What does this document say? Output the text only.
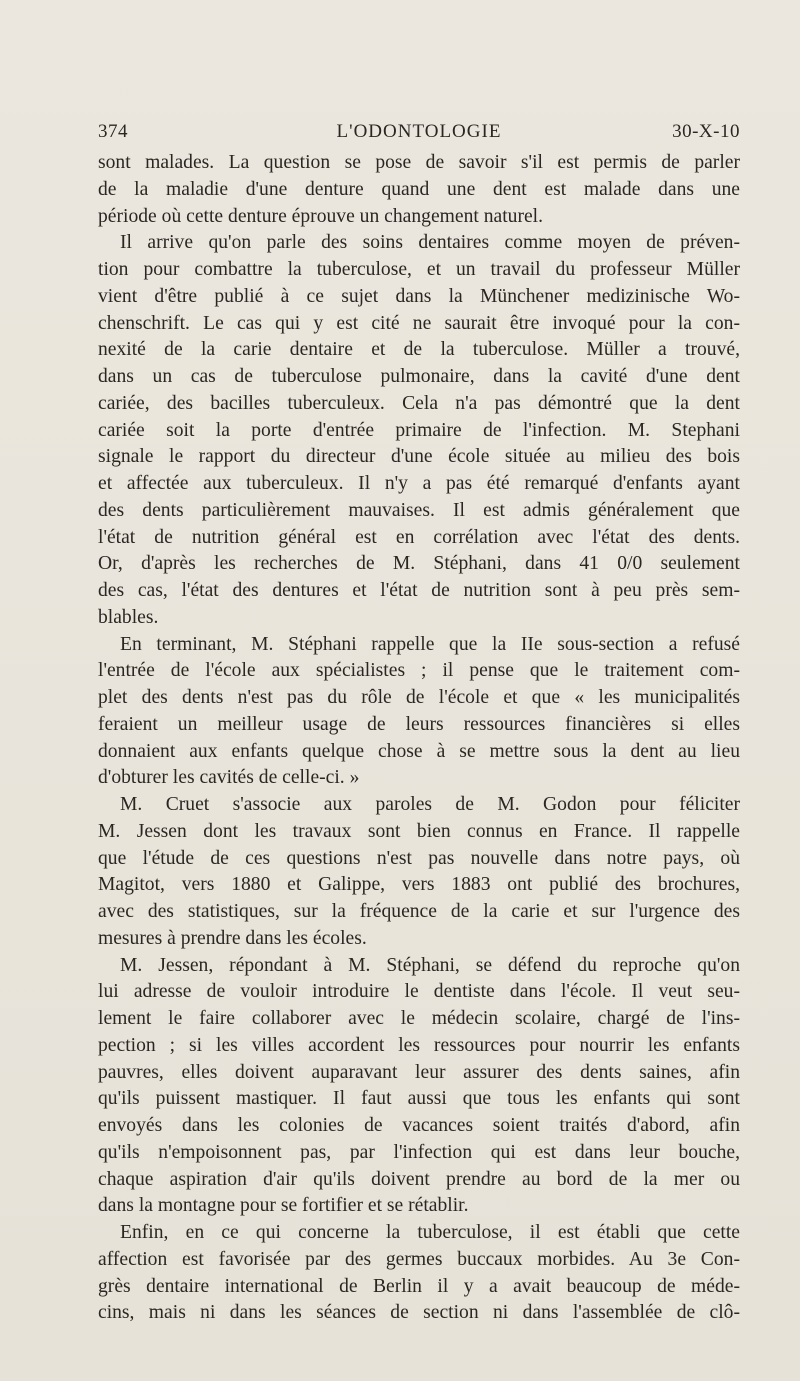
374	L'ODONTOLOGIE	30-X-10
sont malades. La question se pose de savoir s'il est permis de parler
de la maladie d'une denture quand une dent est malade dans une
période où cette denture éprouve un changement naturel.
Il arrive qu'on parle des soins dentaires comme moyen de préven-
tion pour combattre la tuberculose, et un travail du professeur Müller
vient d'être publié à ce sujet dans la Münchener medizinische Wo-
chenschrift. Le cas qui y est cité ne saurait être invoqué pour la con-
nexité de la carie dentaire et de la tuberculose. Müller a trouvé,
dans un cas de tuberculose pulmonaire, dans la cavité d'une dent
cariée, des bacilles tuberculeux. Cela n'a pas démontré que la dent
cariée soit la porte d'entrée primaire de l'infection. M. Stephani
signale le rapport du directeur d'une école située au milieu des bois
et affectée aux tuberculeux. Il n'y a pas été remarqué d'enfants ayant
des dents particulièrement mauvaises. Il est admis généralement que
l'état de nutrition général est en corrélation avec l'état des dents.
Or, d'après les recherches de M. Stéphani, dans 41 0/0 seulement
des cas, l'état des dentures et l'état de nutrition sont à peu près sem-
blables.
En terminant, M. Stéphani rappelle que la IIe sous-section a refusé
l'entrée de l'école aux spécialistes ; il pense que le traitement com-
plet des dents n'est pas du rôle de l'école et que « les municipalités
feraient un meilleur usage de leurs ressources financières si elles
donnaient aux enfants quelque chose à se mettre sous la dent au lieu
d'obturer les cavités de celle-ci. »
M. Cruet s'associe aux paroles de M. Godon pour féliciter
M. Jessen dont les travaux sont bien connus en France. Il rappelle
que l'étude de ces questions n'est pas nouvelle dans notre pays, où
Magitot, vers 1880 et Galippe, vers 1883 ont publié des brochures,
avec des statistiques, sur la fréquence de la carie et sur l'urgence des
mesures à prendre dans les écoles.
M. Jessen, répondant à M. Stéphani, se défend du reproche qu'on
lui adresse de vouloir introduire le dentiste dans l'école. Il veut seu-
lement le faire collaborer avec le médecin scolaire, chargé de l'ins-
pection ; si les villes accordent les ressources pour nourrir les enfants
pauvres, elles doivent auparavant leur assurer des dents saines, afin
qu'ils puissent mastiquer. Il faut aussi que tous les enfants qui sont
envoyés dans les colonies de vacances soient traités d'abord, afin
qu'ils n'empoisonnent pas, par l'infection qui est dans leur bouche,
chaque aspiration d'air qu'ils doivent prendre au bord de la mer ou
dans la montagne pour se fortifier et se rétablir.
Enfin, en ce qui concerne la tuberculose, il est établi que cette
affection est favorisée par des germes buccaux morbides. Au 3e Con-
grès dentaire international de Berlin il y a avait beaucoup de méde-
cins, mais ni dans les séances de section ni dans l'assemblée de clô-
